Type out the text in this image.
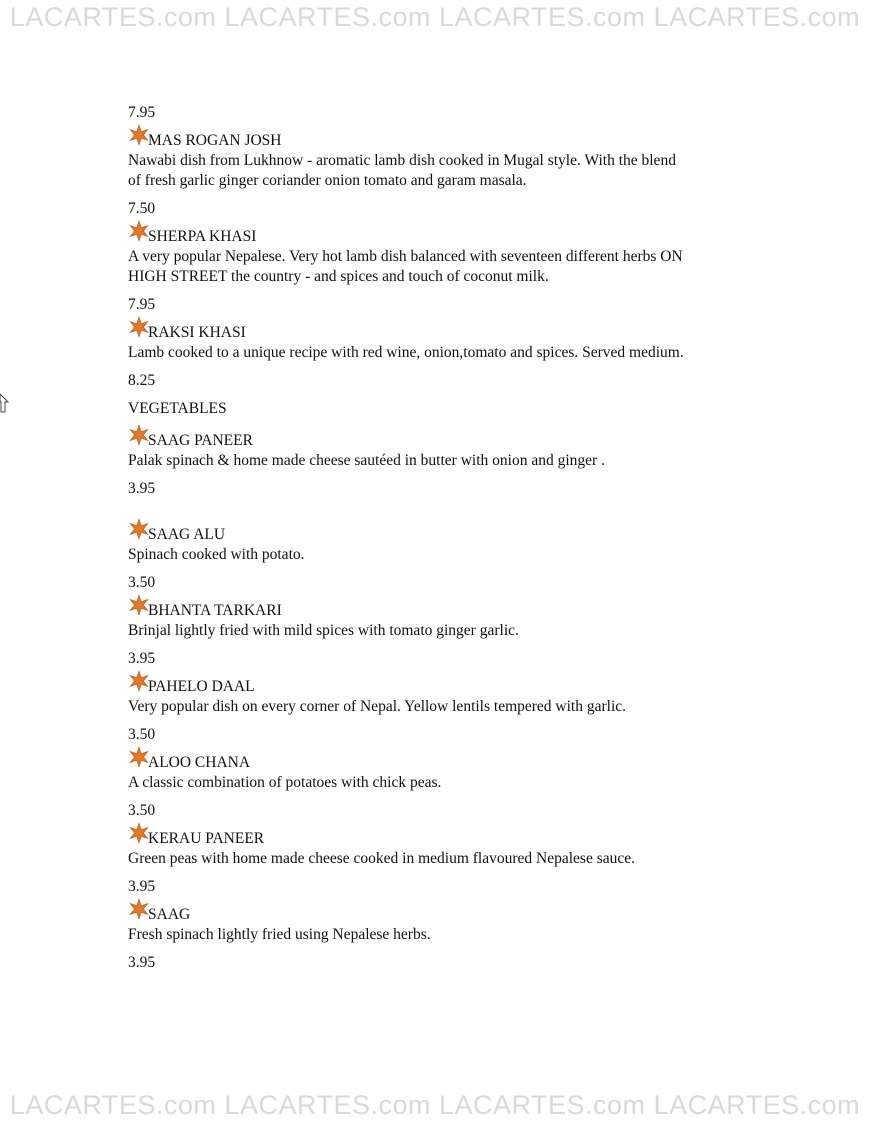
LACARTES.com LACARTES.com LACARTES.com LACARTES.com
7.95
MAS ROGAN JOSH
Nawabi dish from Lukhnow - aromatic lamb dish cooked in Mugal style. With the blend
of fresh garlic ginger coriander onion tomato and garam masala.
7.50
SHERPA KHASI
A very popular Nepalese. Very hot lamb dish balanced with seventeen different herbs ON
HIGH STREET the country - and spices and touch of coconut milk.
7.95
RAKSI KHASI
Lamb cooked to a unique recipe with red wine, onion,tomato and spices. Served medium.
8.25
VEGETABLES
SAAG PANEER
Palak spinach & home made cheese sautéed in butter with onion and ginger .
3.95
SAAG ALU
Spinach cooked with potato.
3.50
BHANTA TARKARI
Brinjal lightly fried with mild spices with tomato ginger garlic.
3.95
PAHELO DAAL
Very popular dish on every corner of Nepal. Yellow lentils tempered with garlic.
3.50
ALOO CHANA
A classic combination of potatoes with chick peas.
3.50
KERAU PANEER
Green peas with home made cheese cooked in medium flavoured Nepalese sauce.
3.95
SAAG
Fresh spinach lightly fried using Nepalese herbs.
3.95
LACARTES.com LACARTES.com LACARTES.com LACARTES.com
